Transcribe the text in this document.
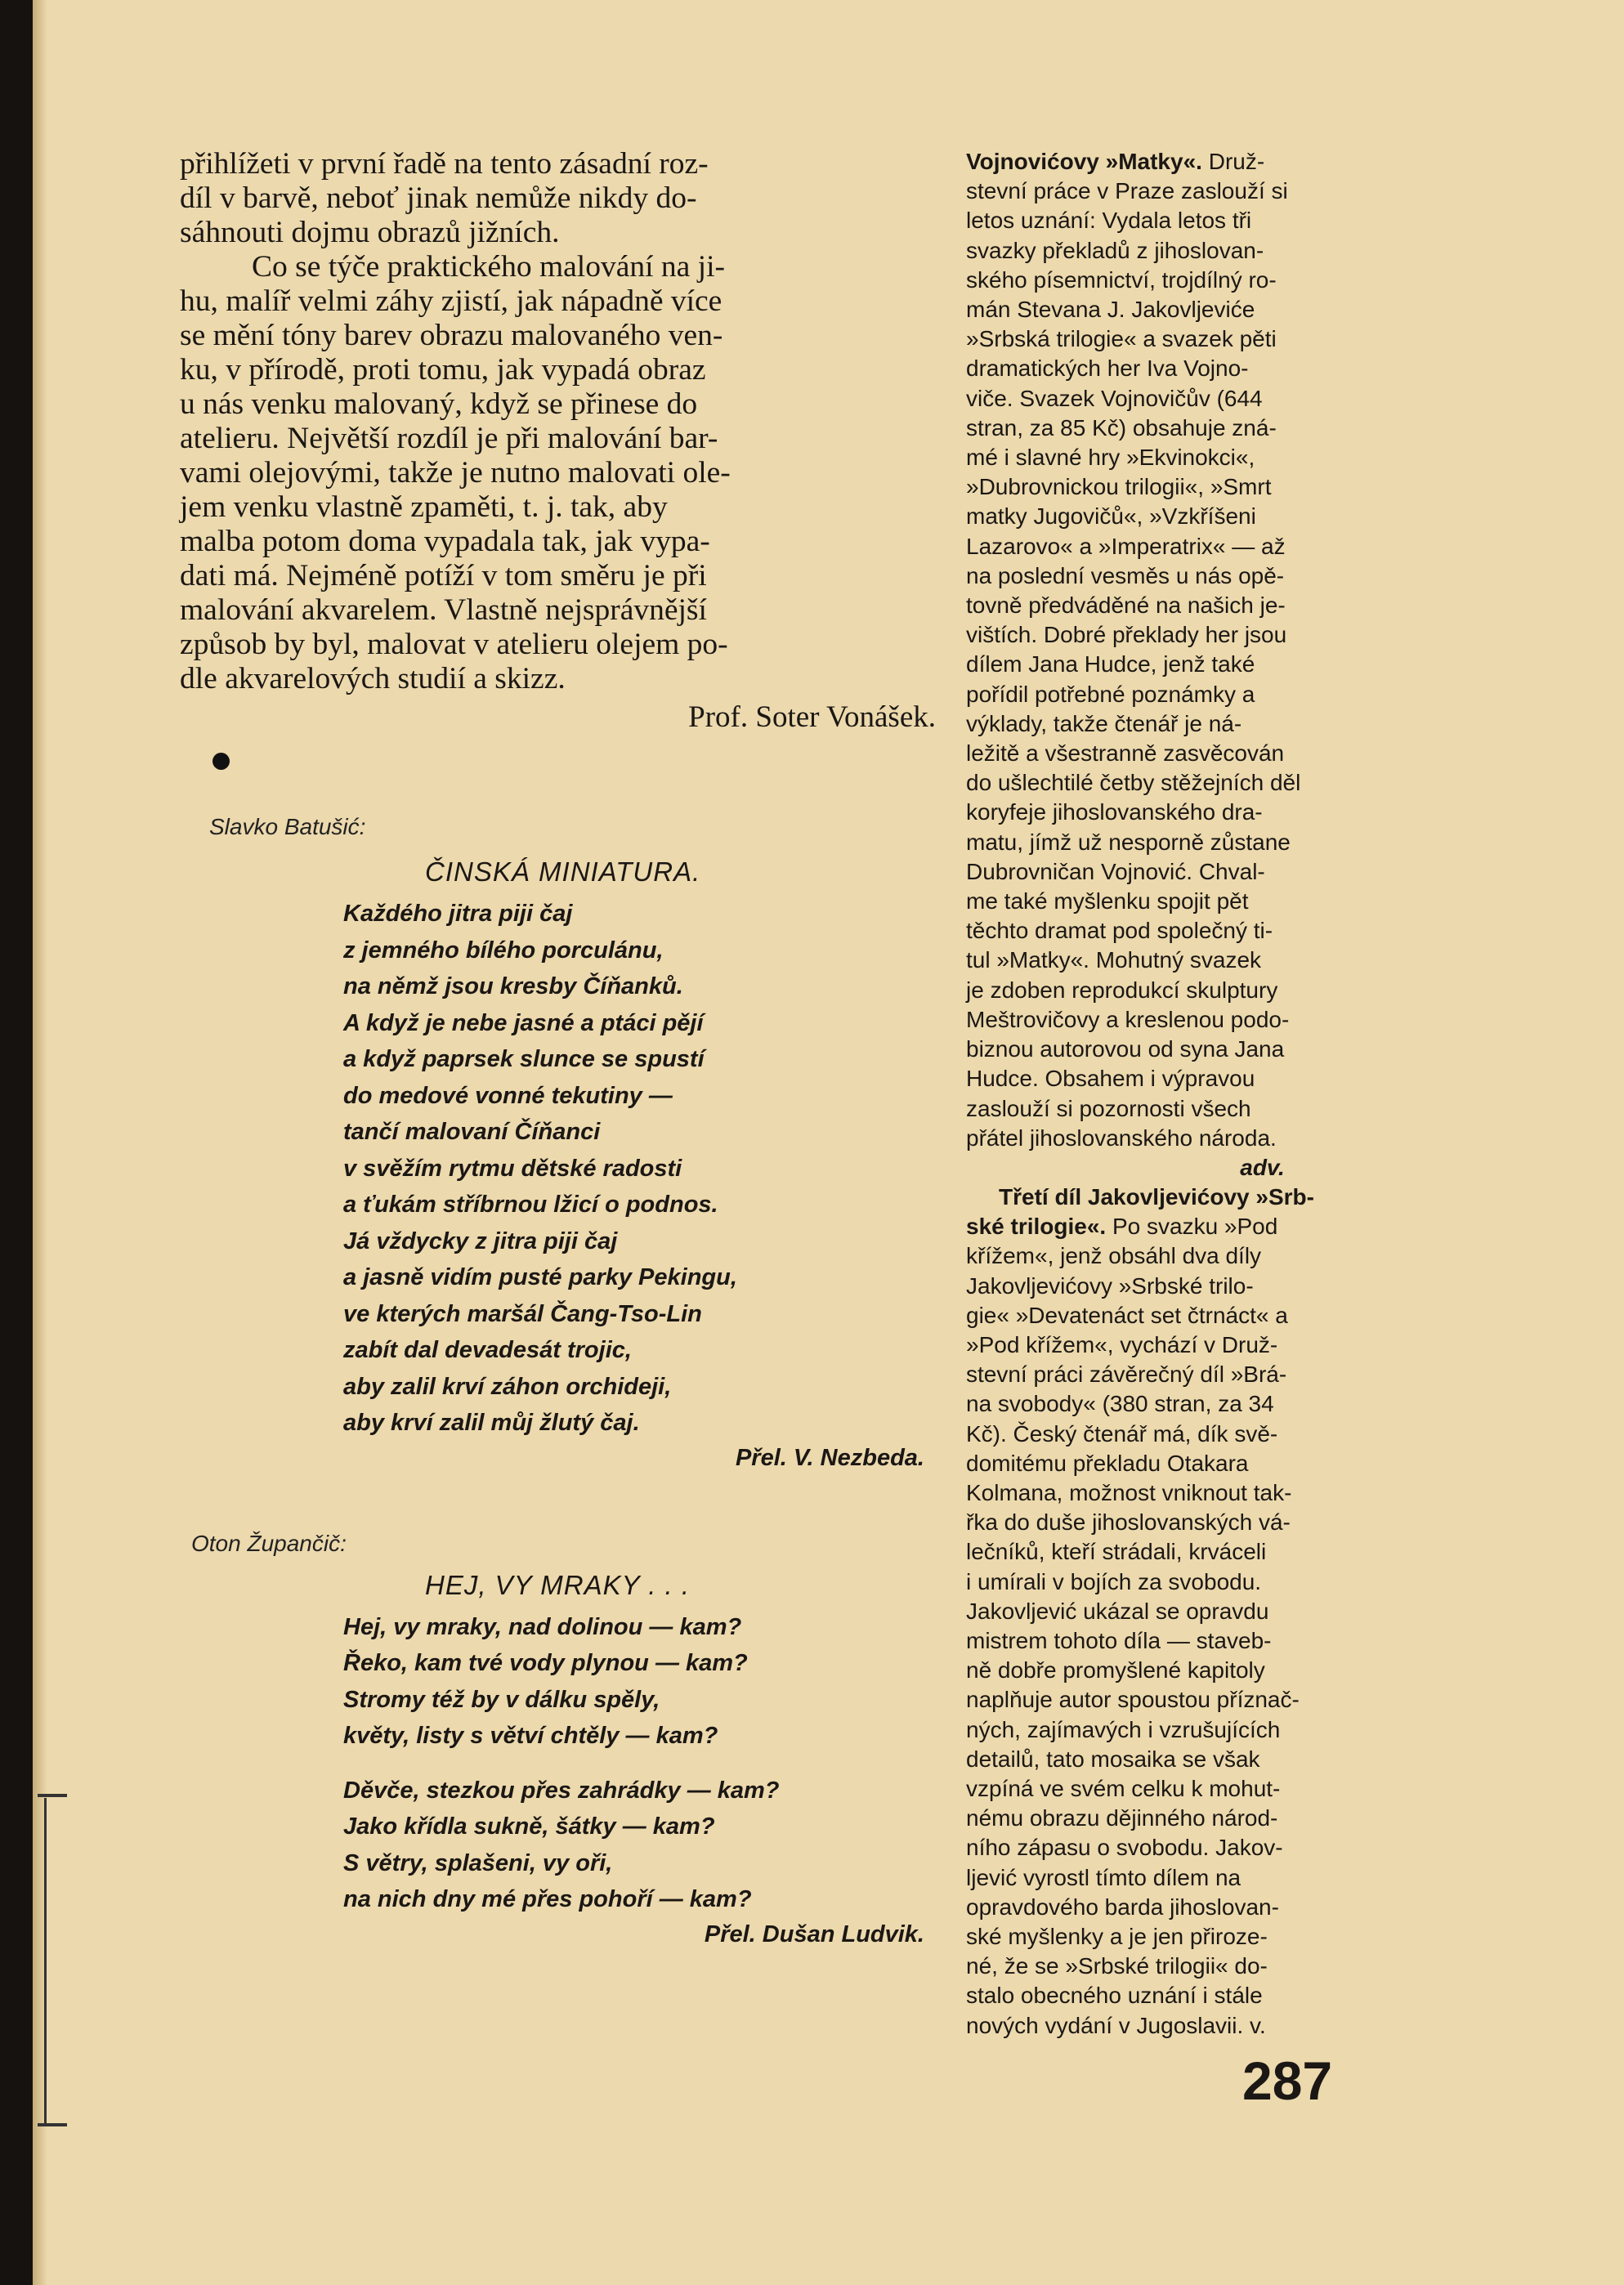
přihlížeti v první řadě na tento zásadní roz-
díl v barvě, neboť jinak nemůže nikdy do-
sáhnouti dojmu obrazů jižních.
Co se týče praktického malování na ji-
hu, malíř velmi záhy zjistí, jak nápadně více
se mění tóny barev obrazu malovaného ven-
ku, v přírodě, proti tomu, jak vypadá obraz
u nás venku malovaný, když se přinese do
atelieru. Největší rozdíl je při malování bar-
vami olejovými, takže je nutno malovati ole-
jem venku vlastně zpaměti, t. j. tak, aby
malba potom doma vypadala tak, jak vypa-
dati má. Nejméně potíží v tom směru je při
malování akvarelem. Vlastně nejsprávnější
způsob by byl, malovat v atelieru olejem po-
dle akvarelových studií a skizz.
Prof. Soter Vonášek.
Slavko Batušić:
ČINSKÁ MINIATURA.
Každého jitra piji čaj
z jemného bílého porculánu,
na němž jsou kresby Číňanků.
A když je nebe jasné a ptáci pějí
a když paprsek slunce se spustí
do medové vonné tekutiny —
tančí malovaní Číňanci
v svěžím rytmu dětské radosti
a ťukám stříbrnou lžicí o podnos.
Já vždycky z jitra piji čaj
a jasně vidím pusté parky Pekingu,
ve kterých maršál Čang-Tso-Lin
zabít dal devadesát trojic,
aby zalil krví záhon orchideji,
aby krví zalil můj žlutý čaj.
Přel. V. Nezbeda.
Oton Župančič:
HEJ, VY MRAKY . . .
Hej, vy mraky, nad dolinou — kam?
Řeko, kam tvé vody plynou — kam?
Stromy též by v dálku spěly,
květy, listy s větví chtěly — kam?
Děvče, stezkou přes zahrádky — kam?
Jako křídla sukně, šátky — kam?
S větry, splašeni, vy oři,
na nich dny mé přes pohoří — kam?
Přel. Dušan Ludvik.
Vojnovićovy »Matky«. Druž-
stevní práce v Praze zaslouží si
letos uznání: Vydala letos tři
svazky překladů z jihoslovan-
ského písemnictví, trojdílný ro-
mán Stevana J. Jakovljeviće
»Srbská trilogie« a svazek pěti
dramatických her Iva Vojno-
viče. Svazek Vojnovičův (644
stran, za 85 Kč) obsahuje zná-
mé i slavné hry »Ekvinokci«,
»Dubrovnickou trilogii«, »Smrt
matky Jugovičů«, »Vzkříšeni
Lazarovo« a »Imperatrix« — až
na poslední vesměs u nás opě-
tovně předváděné na našich je-
vištích. Dobré překlady her jsou
dílem Jana Hudce, jenž také
pořídil potřebné poznámky a
výklady, takže čtenář je ná-
ležitě a všestranně zasvěcován
do ušlechtilé četby stěžejních děl
koryfeje jihoslovanského dra-
matu, jímž už nesporně zůstane
Dubrovničan Vojnović. Chval-
me také myšlenku spojit pět
těchto dramat pod společný ti-
tul »Matky«. Mohutný svazek
je zdoben reprodukcí skulptury
Meštrovičovy a kreslenou podo-
biznou autorovou od syna Jana
Hudce. Obsahem i výpravou
zaslouží si pozornosti všech
přátel jihoslovanského národa.
adv.
Třetí díl Jakovljevićovy »Srb-
ské trilogie«. Po svazku »Pod
křížem«, jenž obsáhl dva díly
Jakovljevićovy »Srbské trilo-
gie« »Devatenáct set čtrnáct« a
»Pod křížem«, vychází v Druž-
stevní práci závěrečný díl »Brá-
na svobody« (380 stran, za 34
Kč). Český čtenář má, dík svě-
domitému překladu Otakara
Kolmana, možnost vniknout tak-
řka do duše jihoslovanských vá-
lečníků, kteří strádali, krváceli
i umírali v bojích za svobodu.
Jakovljević ukázal se opravdu
mistrem tohoto díla — staveb-
ně dobře promyšlené kapitoly
naplňuje autor spoustou příznač-
ných, zajímavých i vzrušujících
detailů, tato mosaika se však
vzpíná ve svém celku k mohut-
nému obrazu dějinného národ-
ního zápasu o svobodu. Jakov-
ljević vyrostl tímto dílem na
opravdového barda jihoslovan-
ské myšlenky a je jen přiroze-
né, že se »Srbské trilogii« do-
stalo obecného uznání i stále
nových vydání v Jugoslavii. v.
287
